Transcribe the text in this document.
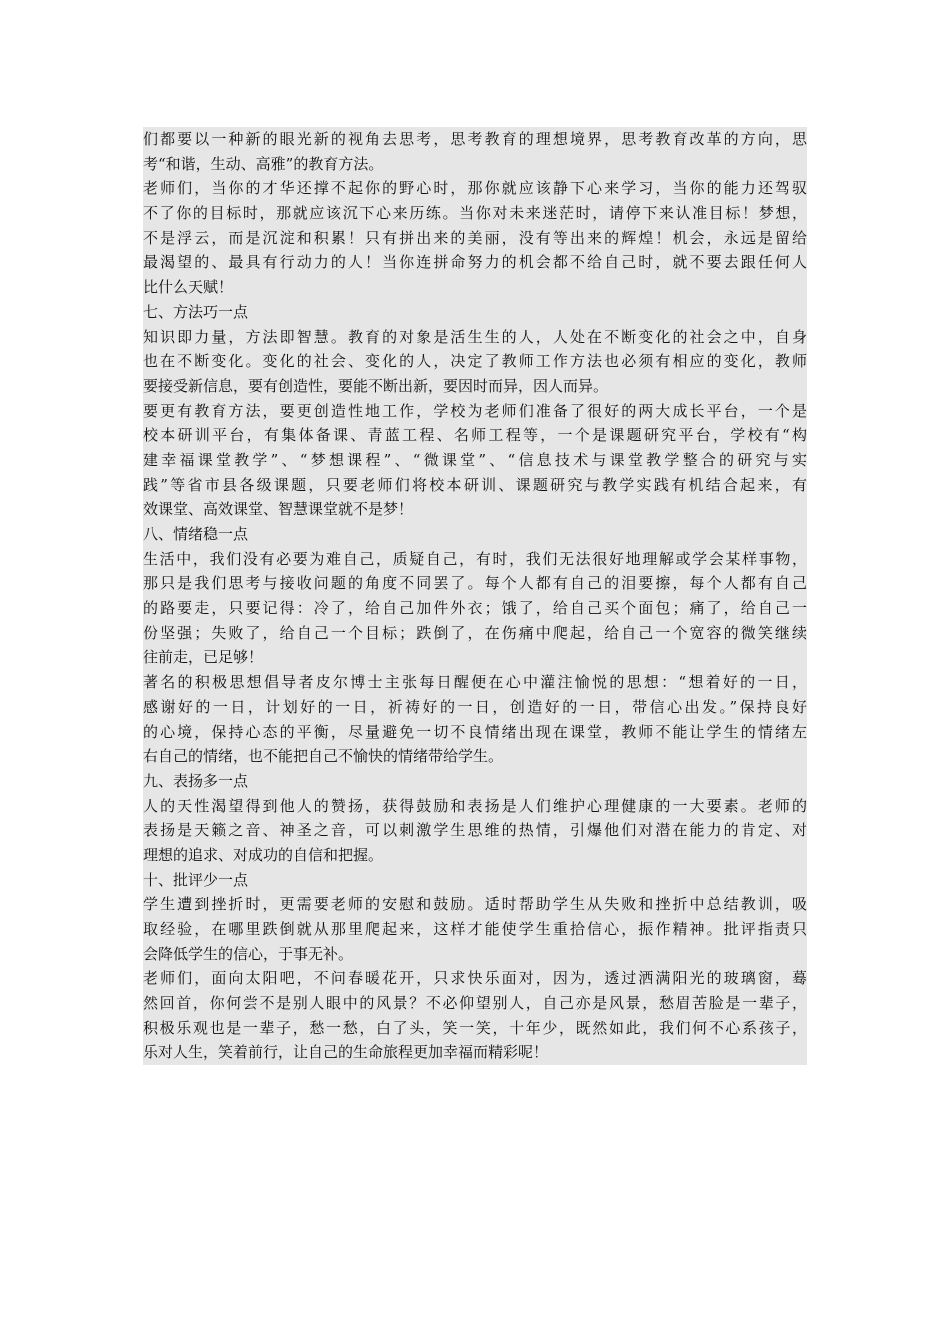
们都要以一种新的眼光新的视角去思考，思考教育的理想境界，思考教育改革的方向，思
考“和谐，生动、高雅”的教育方法。
老师们，当你的才华还撑不起你的野心时，那你就应该静下心来学习，当你的能力还驾驭
不了你的目标时，那就应该沉下心来历练。当你对未来迷茫时，请停下来认准目标！梦想，
不是浮云，而是沉淀和积累！只有拼出来的美丽，没有等出来的辉煌！机会，永远是留给
最渴望的、最具有行动力的人！当你连拼命努力的机会都不给自己时，就不要去跟任何人
比什么天赋！
七、方法巧一点
知识即力量，方法即智慧。教育的对象是活生生的人，人处在不断变化的社会之中，自身
也在不断变化。变化的社会、变化的人，决定了教师工作方法也必须有相应的变化，教师
要接受新信息，要有创造性，要能不断出新，要因时而异，因人而异。
要更有教育方法，要更创造性地工作，学校为老师们准备了很好的两大成长平台，一个是
校本研训平台，有集体备课、青蓝工程、名师工程等，一个是课题研究平台，学校有“构
建幸福课堂教学”、“梦想课程”、“微课堂”、“信息技术与课堂教学整合的研究与实
践”等省市县各级课题，只要老师们将校本研训、课题研究与教学实践有机结合起来，有
效课堂、高效课堂、智慧课堂就不是梦！
八、情绪稳一点
生活中，我们没有必要为难自己，质疑自己，有时，我们无法很好地理解或学会某样事物，
那只是我们思考与接收问题的角度不同罢了。每个人都有自己的泪要擦，每个人都有自己
的路要走，只要记得：冷了，给自己加件外衣；饿了，给自己买个面包；痛了，给自己一
份坚强；失败了，给自己一个目标；跌倒了，在伤痛中爬起，给自己一个宽容的微笑继续
往前走，已足够！
著名的积极思想倡导者皮尔博士主张每日醒便在心中灌注愉悦的思想：“想着好的一日，
感谢好的一日，计划好的一日，祈祷好的一日，创造好的一日，带信心出发。”保持良好
的心境，保持心态的平衡，尽量避免一切不良情绪出现在课堂，教师不能让学生的情绪左
右自己的情绪，也不能把自己不愉快的情绪带给学生。
九、表扬多一点
人的天性渴望得到他人的赞扬，获得鼓励和表扬是人们维护心理健康的一大要素。老师的
表扬是天籁之音、神圣之音，可以刺激学生思维的热情，引爆他们对潜在能力的肯定、对
理想的追求、对成功的自信和把握。
十、批评少一点
学生遭到挫折时，更需要老师的安慰和鼓励。适时帮助学生从失败和挫折中总结教训，吸
取经验，在哪里跌倒就从那里爬起来，这样才能使学生重拾信心，振作精神。批评指责只
会降低学生的信心，于事无补。
老师们，面向太阳吧，不问春暖花开，只求快乐面对，因为，透过洒满阳光的玻璃窗，蓦
然回首，你何尝不是别人眼中的风景？不必仰望别人，自己亦是风景，愁眉苦脸是一辈子，
积极乐观也是一辈子，愁一愁，白了头，笑一笑，十年少，既然如此，我们何不心系孩子，
乐对人生，笑着前行，让自己的生命旅程更加幸福而精彩呢！
